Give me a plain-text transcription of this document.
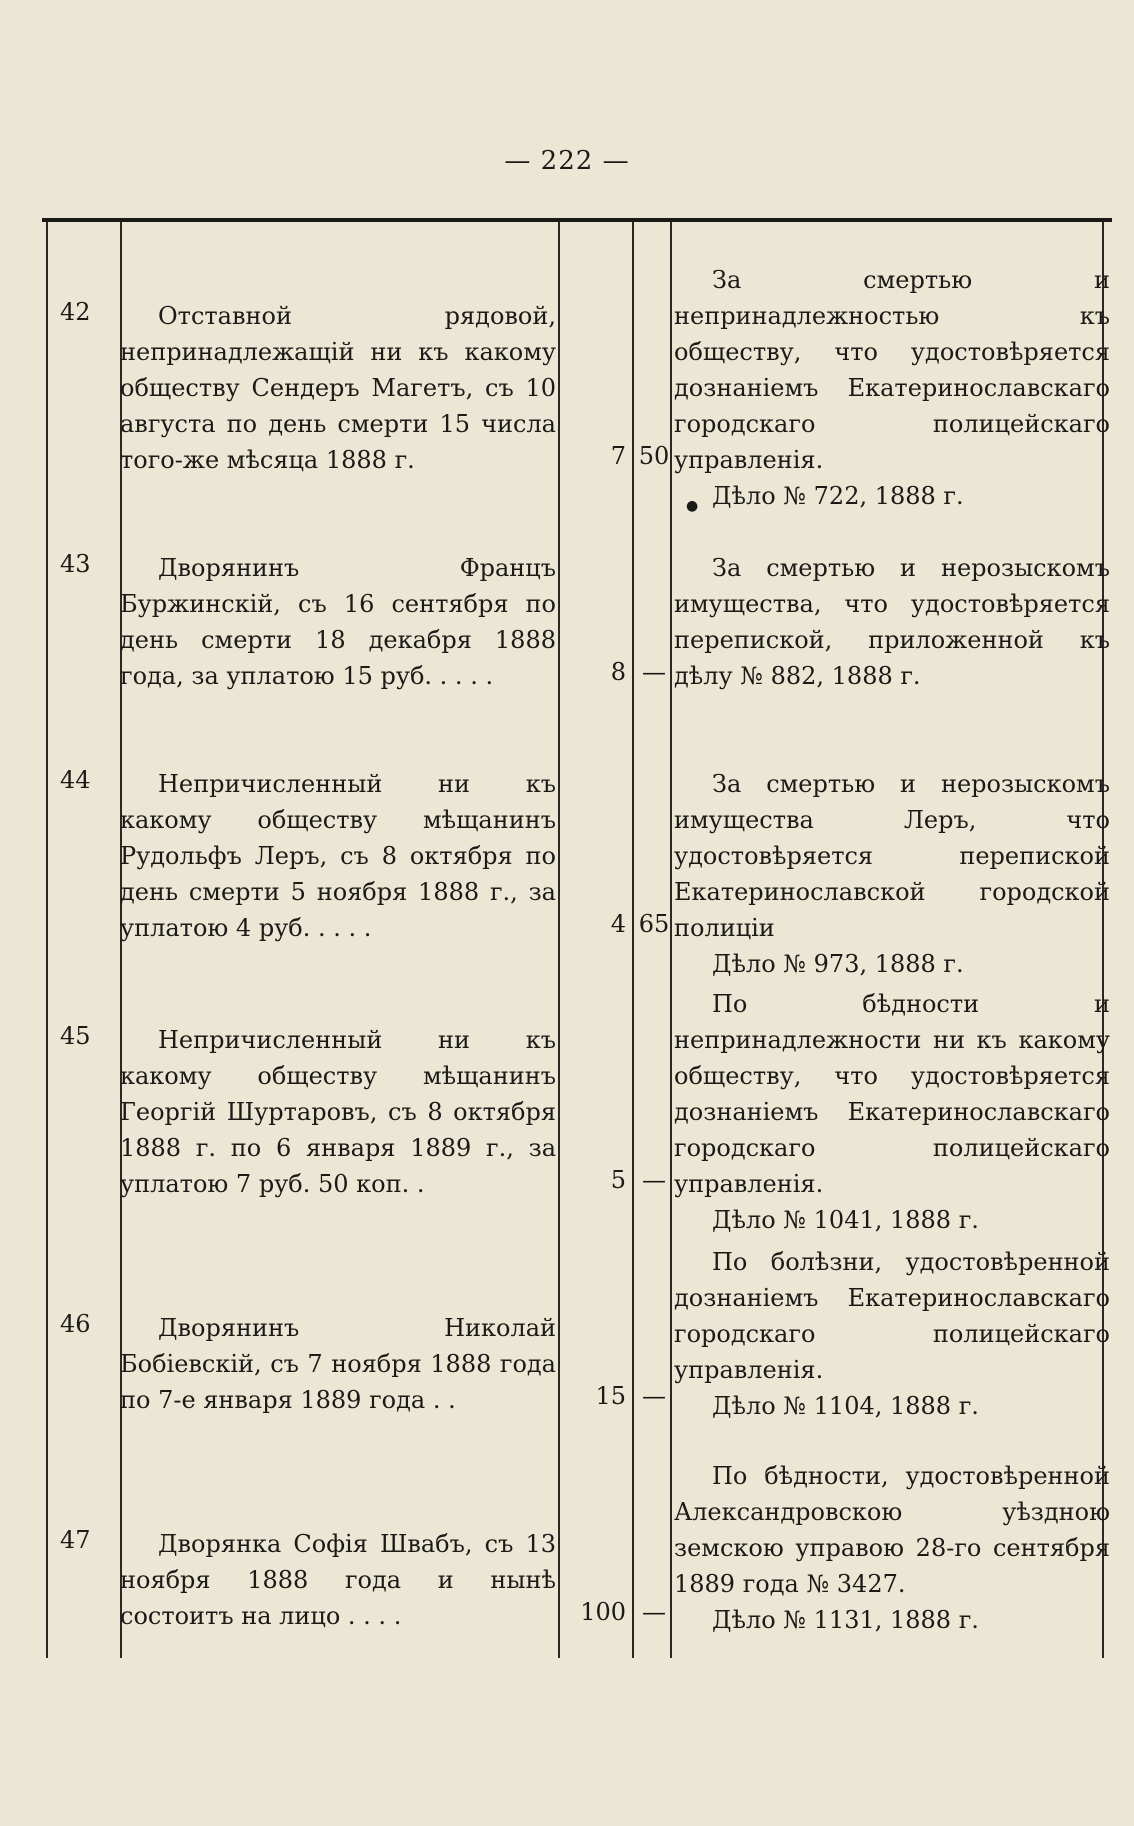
— 222 —
42	Отставной рядовой, непринадлежащій ни къ какому обществу Сендеръ Магетъ, съ 10 августа по день смерти 15 числа того-же мѣсяца 1888 г.	7 50

За смертью и непринадлежностью къ обществу, что удостовѣряется дознаніемъ Екатеринославскаго городскаго полицейскаго управленія.

Дѣло № 722, 1888 г.

●
43	Дворянинъ Францъ Буржинскій, съ 16 сентября по день смерти 18 декабря 1888 года, за уплатою 15 руб. . . . .	8 —

За смертью и нерозыскомъ имущества, что удостовѣряется перепиской, приложенной къ дѣлу № 882, 1888 г.

44	Непричисленный ни къ какому обществу мѣщанинъ Рудольфъ Леръ, съ 8 октября по день смерти 5 ноября 1888 г., за уплатою 4 руб. . . . .	4 65

За смертью и нерозыскомъ имущества Леръ, что удостовѣряется перепиской Екатеринославской городской полиціи

Дѣло № 973, 1888 г.

45	Непричисленный ни къ какому обществу мѣщанинъ Георгій Шуртаровъ, съ 8 октября 1888 г. по 6 января 1889 г., за уплатою 7 руб. 50 коп. .	5 —

По бѣдности и непринадлежности ни къ какому обществу, что удостовѣряется дознаніемъ Екатеринославскаго городскаго полицейскаго управленія.

Дѣло № 1041, 1888 г.

46	Дворянинъ Николай Бобіевскій, съ 7 ноября 1888 года по 7-е января 1889 года . .	15 —

По болѣзни, удостовѣренной дознаніемъ Екатеринославскаго городскаго полицейскаго управленія.

Дѣло № 1104, 1888 г.

47	Дворянка Софія Швабъ, съ 13 ноября 1888 года и нынѣ состоитъ на лицо . . . .	100 —

По бѣдности, удостовѣренной Александровскою уѣздною земскою управою 28-го сентября 1889 года № 3427.

Дѣло № 1131, 1888 г.
